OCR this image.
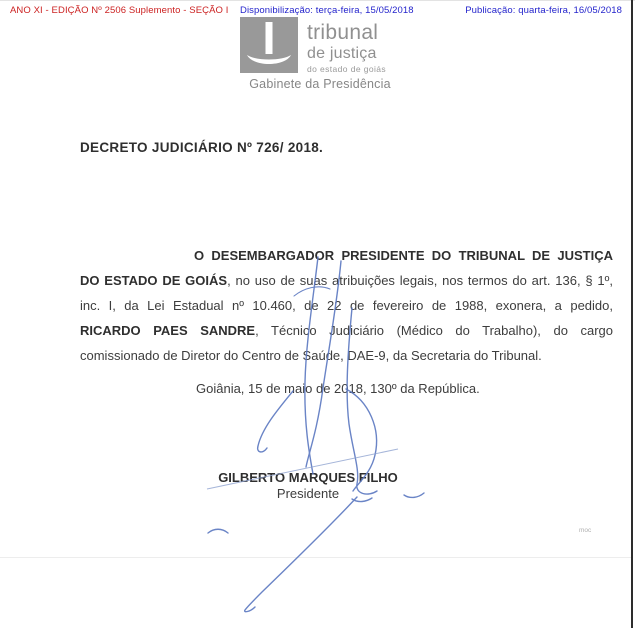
ANO XI - EDIÇÃO Nº 2506 Suplemento - SEÇÃO I Disponibilização: terça-feira, 15/05/2018	Publicação: quarta-feira, 16/05/2018
tribunal
de justiça
do estado de goiás
Gabinete da Presidência
DECRETO JUDICIÁRIO Nº 726/ 2018.
O DESEMBARGADOR PRESIDENTE DO TRIBUNAL DE JUSTIÇA
DO ESTADO DE GOIÁS, no uso de suas atribuições legais, nos termos do art. 136, § 1º,
inc. I, da Lei Estadual nº 10.460, de 22 de fevereiro de 1988, exonera, a pedido,
RICARDO PAES SANDRE, Técnico Judiciário (Médico do Trabalho), do cargo
comissionado de Diretor do Centro de Saúde, DAE-9, da Secretaria do Tribunal.
Goiânia, 15 de maio de 2018, 130º da República.
GILBERTO MARQUES FILHO
Presidente
moc
